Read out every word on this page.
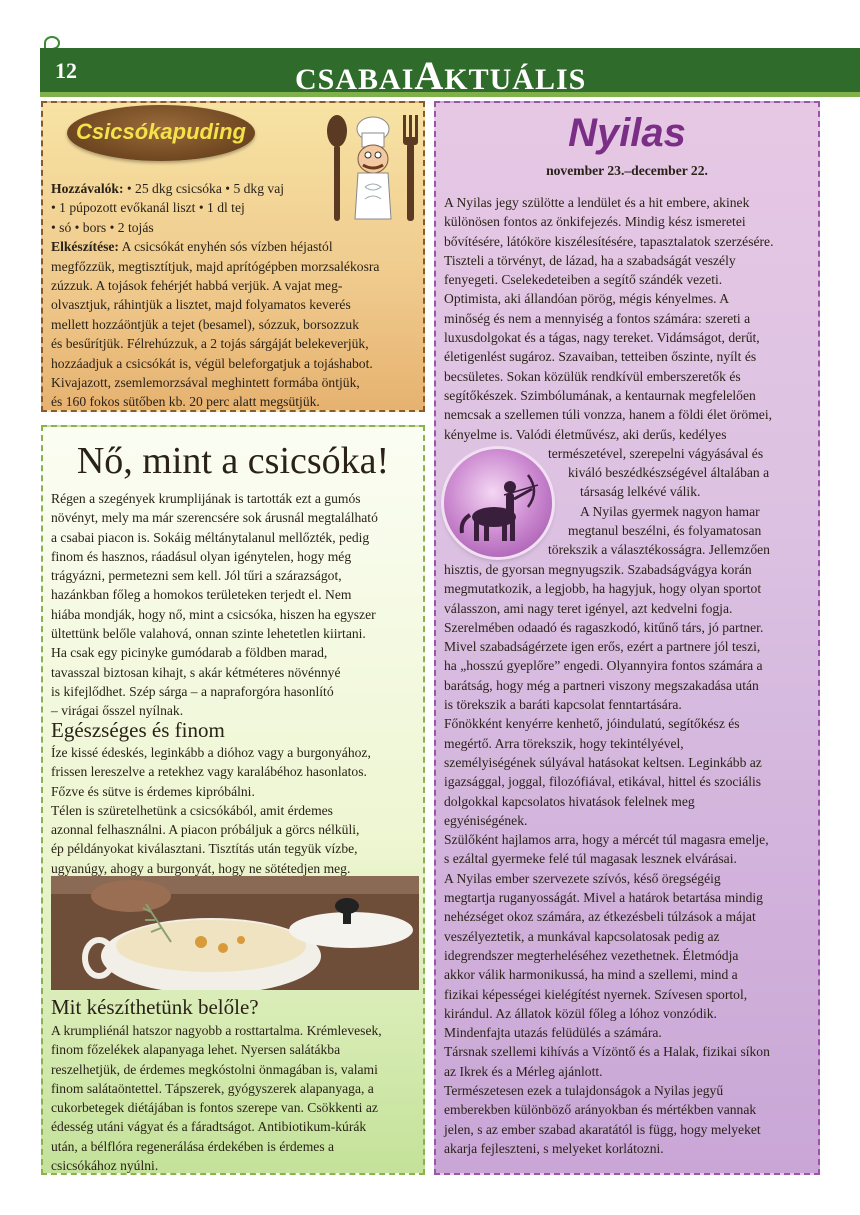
12	CSABAIAKTUÁLIS
Csicsókapuding
Hozzávalók: • 25 dkg csicsóka • 5 dkg vaj
• 1 púpozott evőkanál liszt • 1 dl tej
• só • bors • 2 tojás
Elkészítése: A csicsókát enyhén sós vízben héjastól
megfőzzük, megtisztítjuk, majd aprítógépben morzsalékosra
zúzzuk. A tojások fehérjét habbá verjük. A vajat meg-
olvasztjuk, ráhintjük a lisztet, majd folyamatos keverés
mellett hozzáöntjük a tejet (besamel), sózzuk, borsozzuk
és besűrítjük. Félrehúzzuk, a 2 tojás sárgáját belekeverjük,
hozzáadjuk a csicsókát is, végül beleforgatjuk a tojáshabot.
Kivajazott, zsemlemorzsával meghintett formába öntjük,
és 160 fokos sütőben kb. 20 perc alatt megsütjük.
Nő, mint a csicsóka!
Régen a szegények krumplijának is tartották ezt a gumós
növényt, mely ma már szerencsére sok árusnál megtalálható
a csabai piacon is. Sokáig méltánytalanul mellőzték, pedig
finom és hasznos, ráadásul olyan igénytelen, hogy még
trágyázni, permetezni sem kell. Jól tűri a szárazságot,
hazánkban főleg a homokos területeken terjedt el. Nem
hiába mondják, hogy nő, mint a csicsóka, hiszen ha egyszer
ültettünk belőle valahová, onnan szinte lehetetlen kiirtani.
Ha csak egy picinyke gumódarab a földben marad,
tavasszal biztosan kihajt, s akár kétméteres növénnyé
is kifejlődhet. Szép sárga – a napraforgóra hasonlító
– virágai ősszel nyílnak.
Egészséges és finom
Íze kissé édeskés, leginkább a dióhoz vagy a burgonyához,
frissen lereszelve a retekhez vagy karalábéhoz hasonlatos.
Főzve és sütve is érdemes kipróbálni.
Télen is szüretelhetünk a csicsókából, amit érdemes
azonnal felhasználni. A piacon próbáljuk a görcs nélküli,
ép példányokat kiválasztani. Tisztítás után tegyük vízbe,
ugyanúgy, ahogy a burgonyát, hogy ne sötétedjen meg.
Mit készíthetünk belőle?
A krumpliénál hatszor nagyobb a rosttartalma. Krémlevesek,
finom főzelékek alapanyaga lehet. Nyersen salátákba
reszelhetjük, de érdemes megkóstolni önmagában is, valami
finom salátaöntettel. Tápszerek, gyógyszerek alapanyaga, a
cukorbetegek diétájában is fontos szerepe van. Csökkenti az
édesség utáni vágyat és a fáradtságot. Antibiotikum-kúrák
után, a bélflóra regenerálása érdekében is érdemes a
csicsókához nyúlni.
Nyilas
november 23.–december 22.
A Nyilas jegy szülötte a lendület és a hit embere, akinek
különösen fontos az önkifejezés. Mindig kész ismeretei
bővítésére, látóköre kiszélesítésére, tapasztalatok szerzésére.
Tiszteli a törvényt, de lázad, ha a szabadságát veszély
fenyegeti. Cselekedeteiben a segítő szándék vezeti.
Optimista, aki állandóan pörög, mégis kényelmes. A
minőség és nem a mennyiség a fontos számára: szereti a
luxusdolgokat és a tágas, nagy tereket. Vidámságot, derűt,
életigenlést sugároz. Szavaiban, tetteiben őszinte, nyílt és
becsületes. Sokan közülük rendkívül emberszeretők és
segítőkészek. Szimbólumának, a kentaurnak megfelelően
nemcsak a szellemen túli vonzza, hanem a földi élet örömei,
kényelme is. Valódi életművész, aki derűs, kedélyes
természetével, szerepelni vágyásával és
kiváló beszédkészségével általában a
társaság lelkévé válik.
A Nyilas gyermek nagyon hamar
megtanul beszélni, és folyamatosan
törekszik a választékosságra. Jellemzően
hisztis, de gyorsan megnyugszik. Szabadságvágya korán
megmutatkozik, a legjobb, ha hagyjuk, hogy olyan sportot
válasszon, ami nagy teret igényel, azt kedvelni fogja.
Szerelmében odaadó és ragaszkodó, kitűnő társ, jó partner.
Mivel szabadságérzete igen erős, ezért a partnere jól teszi,
ha „hosszú gyeplőre” engedi. Olyannyira fontos számára a
barátság, hogy még a partneri viszony megszakadása után
is törekszik a baráti kapcsolat fenntartására.
Főnökként kenyérre kenhető, jóindulatú, segítőkész és
megértő. Arra törekszik, hogy tekintélyével,
személyiségének súlyával hatásokat keltsen. Leginkább az
igazsággal, joggal, filozófiával, etikával, hittel és szociális
dolgokkal kapcsolatos hivatások felelnek meg
egyéniségének.
Szülőként hajlamos arra, hogy a mércét túl magasra emelje,
s ezáltal gyermeke felé túl magasak lesznek elvárásai.
A Nyilas ember szervezete szívós, késő öregségéig
megtartja ruganyosságát. Mivel a határok betartása mindig
nehézséget okoz számára, az étkezésbeli túlzások a májat
veszélyeztetik, a munkával kapcsolatosak pedig az
idegrendszer megterheléséhez vezethetnek. Életmódja
akkor válik harmonikussá, ha mind a szellemi, mind a
fizikai képességei kielégítést nyernek. Szívesen sportol,
kirándul. Az állatok közül főleg a lóhoz vonzódik.
Mindenfajta utazás felüdülés a számára.
Társnak szellemi kihívás a Vízöntő és a Halak, fizikai síkon
az Ikrek és a Mérleg ajánlott.
Természetesen ezek a tulajdonságok a Nyilas jegyű
emberekben különböző arányokban és mértékben vannak
jelen, s az ember szabad akaratától is függ, hogy melyeket
akarja fejleszteni, s melyeket korlátozni.
